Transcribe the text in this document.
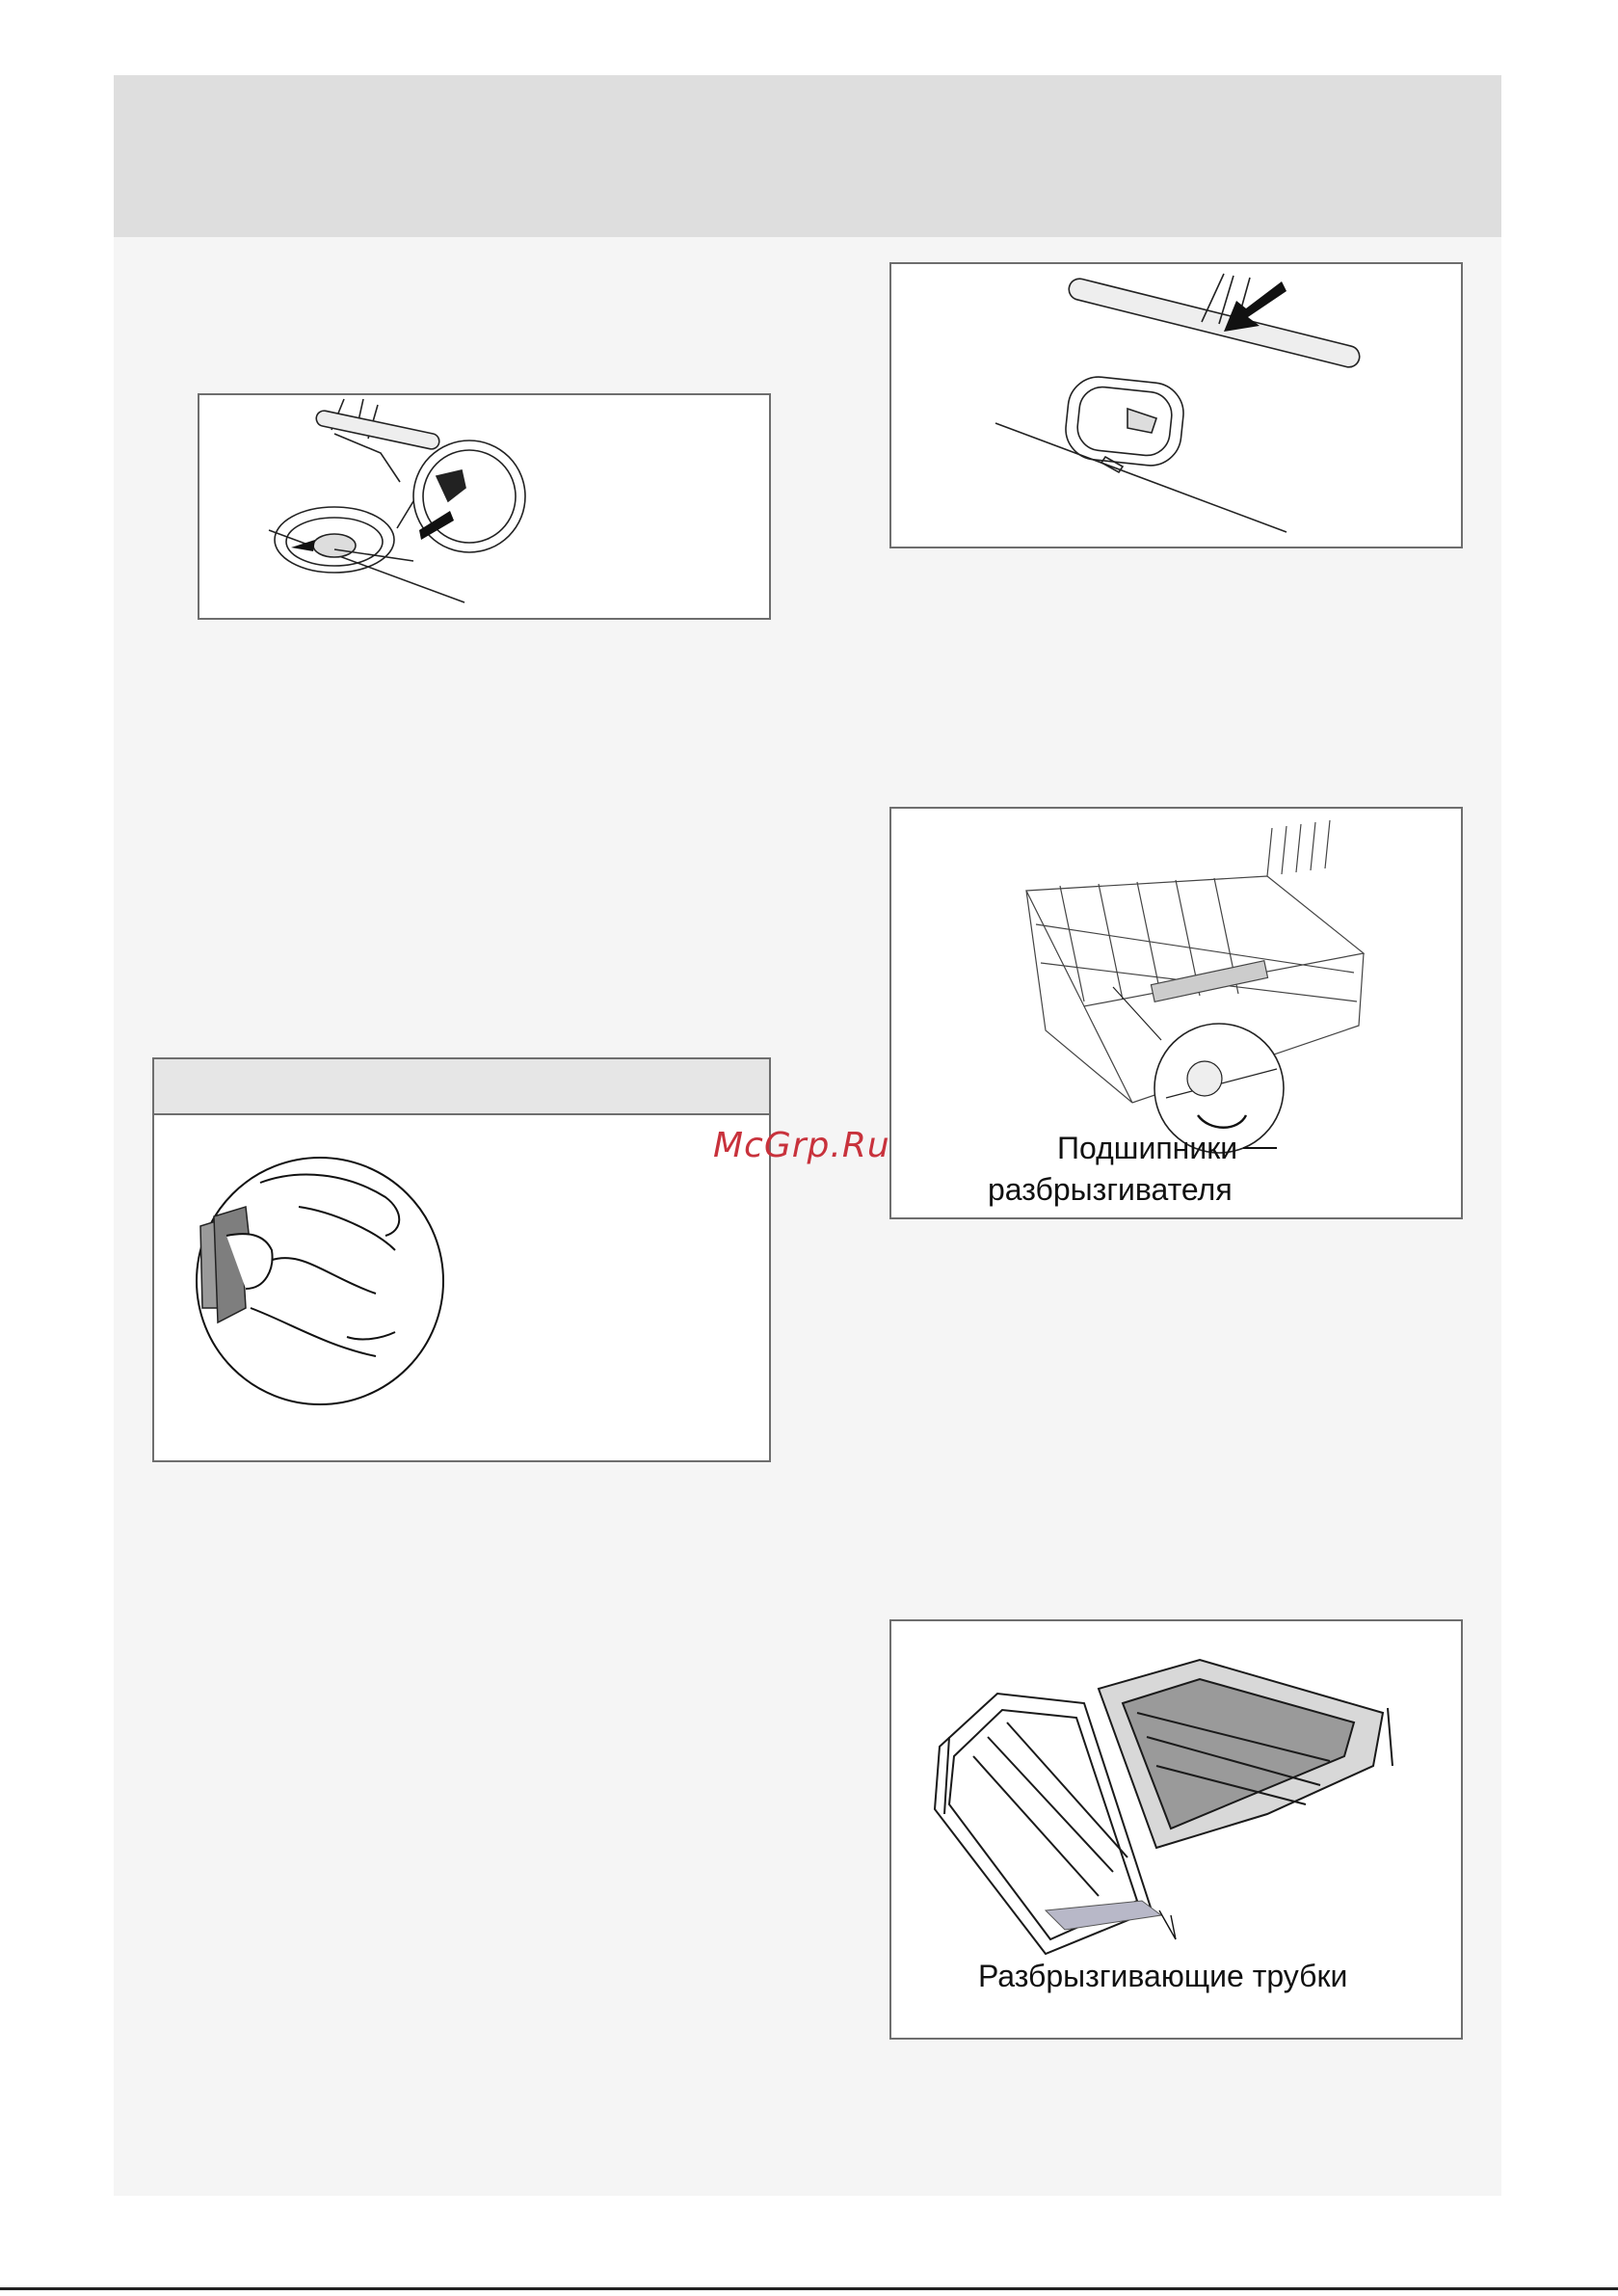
Подшипники
разбрызгивателя
Разбрызгивающие трубки
McGrp.Ru
